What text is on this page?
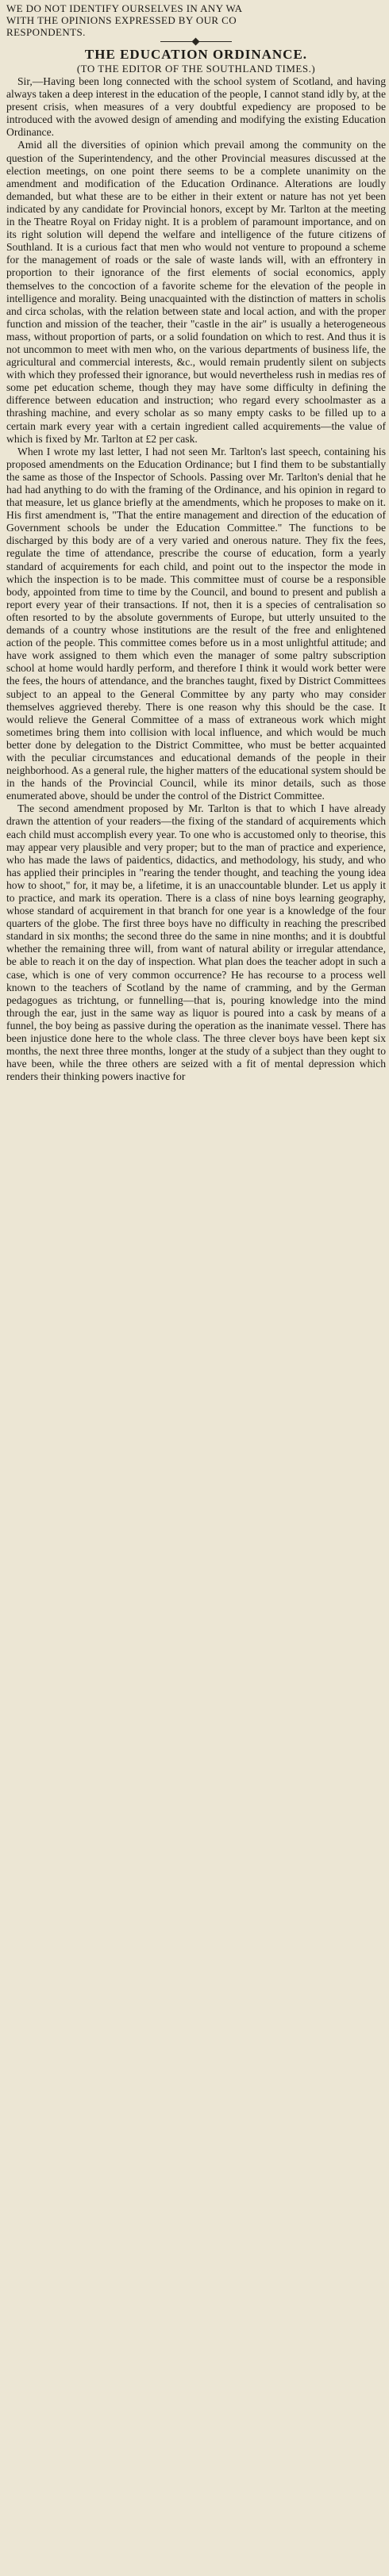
WE DO NOT IDENTIFY OURSELVES IN ANY WA

WITH THE OPINIONS EXPRESSED BY OUR CO

RESPONDENTS.

THE EDUCATION ORDINANCE.

(TO THE EDITOR OF THE SOUTHLAND TIMES.)

Sir,—Having been long connected with the school system of Scotland, and having always taken a deep interest in the education of the people, I cannot stand idly by, at the present crisis, when measures of a very doubtful expediency are proposed to be introduced with the avowed design of amending and modifying the existing Education Ordinance.

Amid all the diversities of opinion which prevail among the community on the question of the Superintendency, and the other Provincial measures discussed at the election meetings, on one point there seems to be a complete unanimity on the amendment and modification of the Education Ordinance. Alterations are loudly demanded, but what these are to be either in their extent or nature has not yet been indicated by any candidate for Provincial honors, except by Mr. Tarlton at the meeting in the Theatre Royal on Friday night. It is a problem of paramount importance, and on its right solution will depend the welfare and intelligence of the future citizens of Southland. It is a curious fact that men who would not venture to propound a scheme for the management of roads or the sale of waste lands will, with an effrontery in proportion to their ignorance of the first elements of social economics, apply themselves to the concoction of a favorite scheme for the elevation of the people in intelligence and morality. Being unacquainted with the distinction of matters in scholis and circa scholas, with the relation between state and local action, and with the proper function and mission of the teacher, their "castle in the air" is usually a heterogeneous mass, without proportion of parts, or a solid foundation on which to rest. And thus it is not uncommon to meet with men who, on the various departments of business life, the agricultural and commercial interests, &c., would remain prudently silent on subjects with which they professed their ignorance, but would nevertheless rush in medias res of some pet education scheme, though they may have some difficulty in defining the difference between education and instruction; who regard every schoolmaster as a thrashing machine, and every scholar as so many empty casks to be filled up to a certain mark every year with a certain ingredient called acquirements—the value of which is fixed by Mr. Tarlton at £2 per cask.

When I wrote my last letter, I had not seen Mr. Tarlton's last speech, containing his proposed amendments on the Education Ordinance; but I find them to be substantially the same as those of the Inspector of Schools. Passing over Mr. Tarlton's denial that he had had anything to do with the framing of the Ordinance, and his opinion in regard to that measure, let us glance briefly at the amendments, which he proposes to make on it. His first amendment is, "That the entire management and direction of the education of Government schools be under the Education Committee." The functions to be discharged by this body are of a very varied and onerous nature. They fix the fees, regulate the time of attendance, prescribe the course of education, form a yearly standard of acquirements for each child, and point out to the inspector the mode in which the inspection is to be made. This committee must of course be a responsible body, appointed from time to time by the Council, and bound to present and publish a report every year of their transactions. If not, then it is a species of centralisation so often resorted to by the absolute governments of Europe, but utterly unsuited to the demands of a country whose institutions are the result of the free and enlightened action of the people. This committee comes before us in a most unlightful attitude; and have work assigned to them which even the manager of some paltry subscription school at home would hardly perform, and therefore I think it would work better were the fees, the hours of attendance, and the branches taught, fixed by District Committees subject to an appeal to the General Committee by any party who may consider themselves aggrieved thereby. There is one reason why this should be the case. It would relieve the General Committee of a mass of extraneous work which might sometimes bring them into collision with local influence, and which would be much better done by delegation to the District Committee, who must be better acquainted with the peculiar circumstances and educational demands of the people in their neighborhood. As a general rule, the higher matters of the educational system should be in the hands of the Provincial Council, while its minor details, such as those enumerated above, should be under the control of the District Committee.

The second amendment proposed by Mr. Tarlton is that to which I have already drawn the attention of your readers—the fixing of the standard of acquirements which each child must accomplish every year. To one who is accustomed only to theorise, this may appear very plausible and very proper; but to the man of practice and experience, who has made the laws of paidentics, didactics, and methodology, his study, and who has applied their principles in "rearing the tender thought, and teaching the young idea how to shoot," for, it may be, a lifetime, it is an unaccountable blunder. Let us apply it to practice, and mark its operation. There is a class of nine boys learning geography, whose standard of acquirement in that branch for one year is a knowledge of the four quarters of the globe. The first three boys have no difficulty in reaching the prescribed standard in six months; the second three do the same in nine months; and it is doubtful whether the remaining three will, from want of natural ability or irregular attendance, be able to reach it on the day of inspection. What plan does the teacher adopt in such a case, which is one of very common occurrence? He has recourse to a process well known to the teachers of Scotland by the name of cramming, and by the German pedagogues as trichtung, or funnelling—that is, pouring knowledge into the mind through the ear, just in the same way as liquor is poured into a cask by means of a funnel, the boy being as passive during the operation as the inanimate vessel. There has been injustice done here to the whole class. The three clever boys have been kept six months, the next three three months, longer at the study of a subject than they ought to have been, while the three others are seized with a fit of mental depression which renders their thinking powers inactive for
